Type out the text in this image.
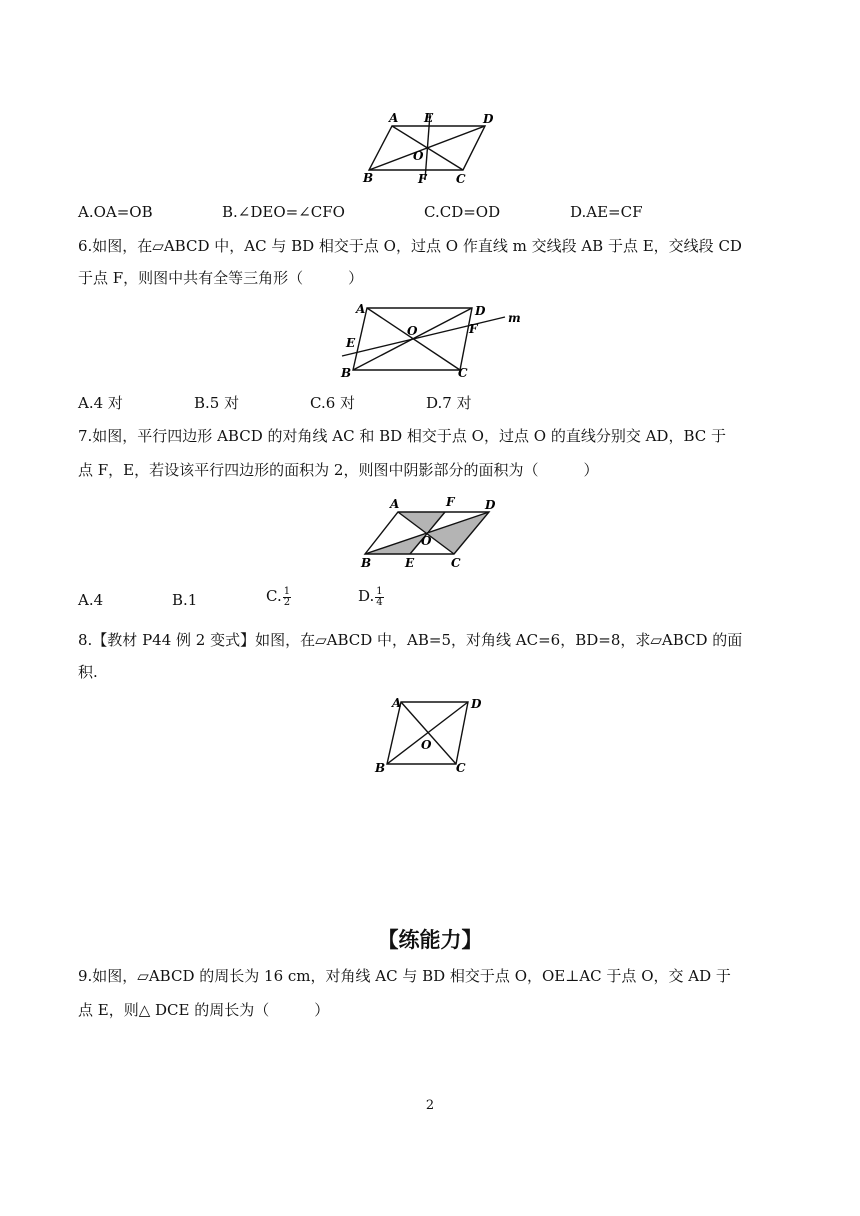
A E	D
O
B	F C
A.OA=OB	B.∠DEO=∠CFO	C.CD=OD	D.AE=CF
6.如图，在▱ABCD 中，AC 与 BD 相交于点 O，过点 O 作直线 m 交线段 AB 于点 E，交线段 CD
于点 F，则图中共有全等三角形（　　　）
A	D m
O	F
E
B	C
A.4 对	B.5 对	C.6 对	D.7 对
7.如图，平行四边形 ABCD 的对角线 AC 和 BD 相交于点 O，过点 O 的直线分别交 AD，BC 于
点 F，E，若设该平行四边形的面积为 2，则图中阴影部分的面积为（　　　）
A	F	D
O
B	E	C
A.4	B.1	C. $\frac{1}{2}$	D. $\frac{1}{4}$
8.【教材 P44 例 2 变式】如图，在▱ABCD 中，AB=5，对角线 AC=6，BD=8，求▱ABCD 的面
积.
A	D
O
B	C
【练能力】
9.如图，▱ABCD 的周长为 16 cm，对角线 AC 与 BD 相交于点 O，OE⊥AC 于点 O，交 AD 于
点 E，则△ DCE 的周长为（　　　）
2
